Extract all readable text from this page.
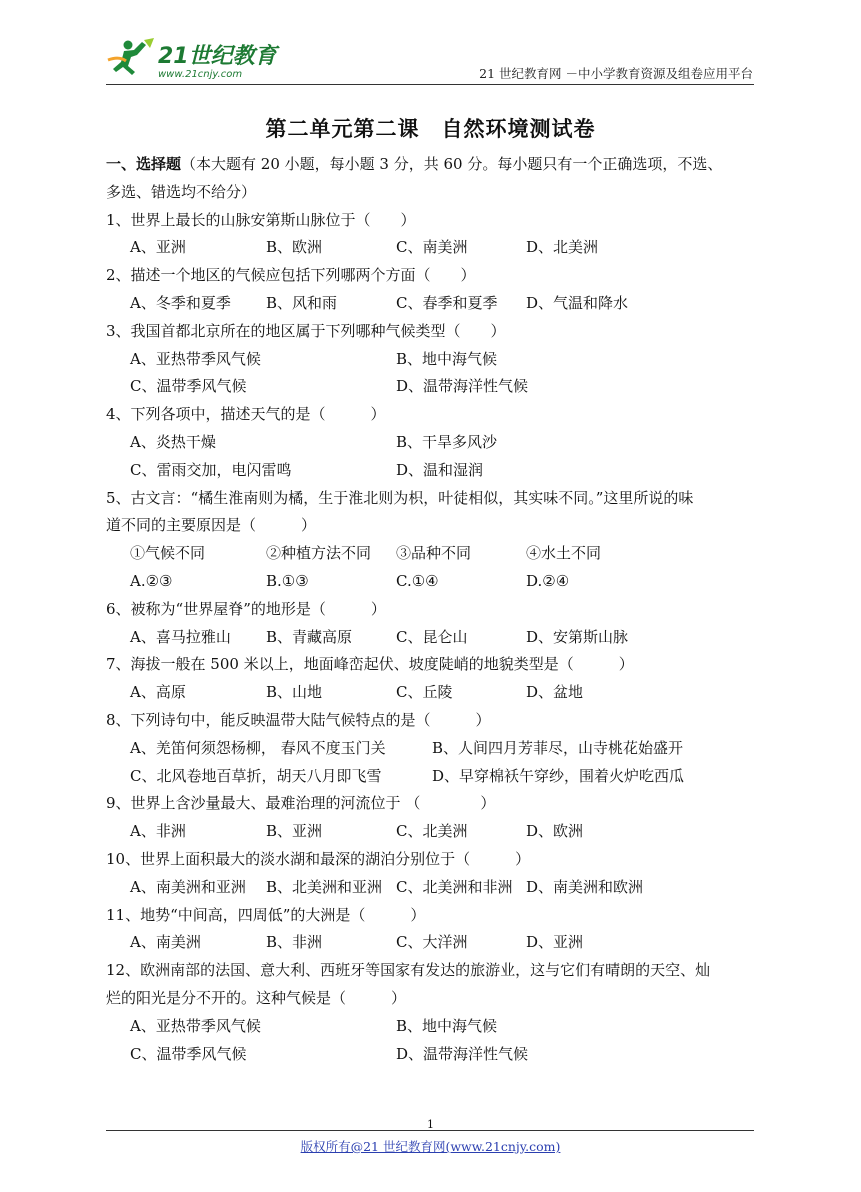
21世纪教育
www.21cnjy.com	21 世纪教育网 －中小学教育资源及组卷应用平台
第二单元第二课　自然环境测试卷
一、选择题（本大题有 20 小题，每小题 3 分，共 60 分。每小题只有一个正确选项，不选、
多选、错选均不给分）
1、世界上最长的山脉安第斯山脉位于（　　）
A、亚洲	B、欧洲	C、南美洲	D、北美洲
2、描述一个地区的气候应包括下列哪两个方面（　　）
A、冬季和夏季 B、风和雨	C、春季和夏季 D、气温和降水
3、我国首都北京所在的地区属于下列哪种气候类型（　　）
A、亚热带季风气候	B、地中海气候
C、温带季风气候	D、温带海洋性气候
4、下列各项中，描述天气的是（　　　）
A、炎热干燥	B、干旱多风沙
C、雷雨交加，电闪雷鸣	D、温和湿润
5、古文言：“橘生淮南则为橘，生于淮北则为枳，叶徒相似，其实味不同。”这里所说的味
道不同的主要原因是（　　　）
①气候不同	②种植方法不同 ③品种不同	④水土不同
A.②③	B.①③	C.①④	D.②④
6、被称为“世界屋脊”的地形是（　　　）
A、喜马拉雅山 B、青藏高原	C、昆仑山	D、安第斯山脉
7、海拔一般在 500 米以上，地面峰峦起伏、坡度陡峭的地貌类型是（　　　）
A、高原	B、山地	C、丘陵	D、盆地
8、下列诗句中，能反映温带大陆气候特点的是（　　　）
A、羌笛何须怨杨柳， 春风不度玉门关	B、人间四月芳菲尽，山寺桃花始盛开
C、北风卷地百草折，胡天八月即飞雪	D、早穿棉袄午穿纱，围着火炉吃西瓜
9、世界上含沙量最大、最难治理的河流位于 （　　　　）
A、非洲	B、亚洲	C、北美洲	D、欧洲
10、世界上面积最大的淡水湖和最深的湖泊分别位于（　　　）
A、南美洲和亚洲 B、北美洲和亚洲 C、北美洲和非洲 D、南美洲和欧洲
11、地势“中间高，四周低”的大洲是（　　　）
A、南美洲	B、非洲	C、大洋洲	D、亚洲
12、欧洲南部的法国、意大利、西班牙等国家有发达的旅游业，这与它们有晴朗的天空、灿
烂的阳光是分不开的。这种气候是（　　　）
A、亚热带季风气候	B、地中海气候
C、温带季风气候	D、温带海洋性气候
1
版权所有@21 世纪教育网(www.21cnjy.com)
